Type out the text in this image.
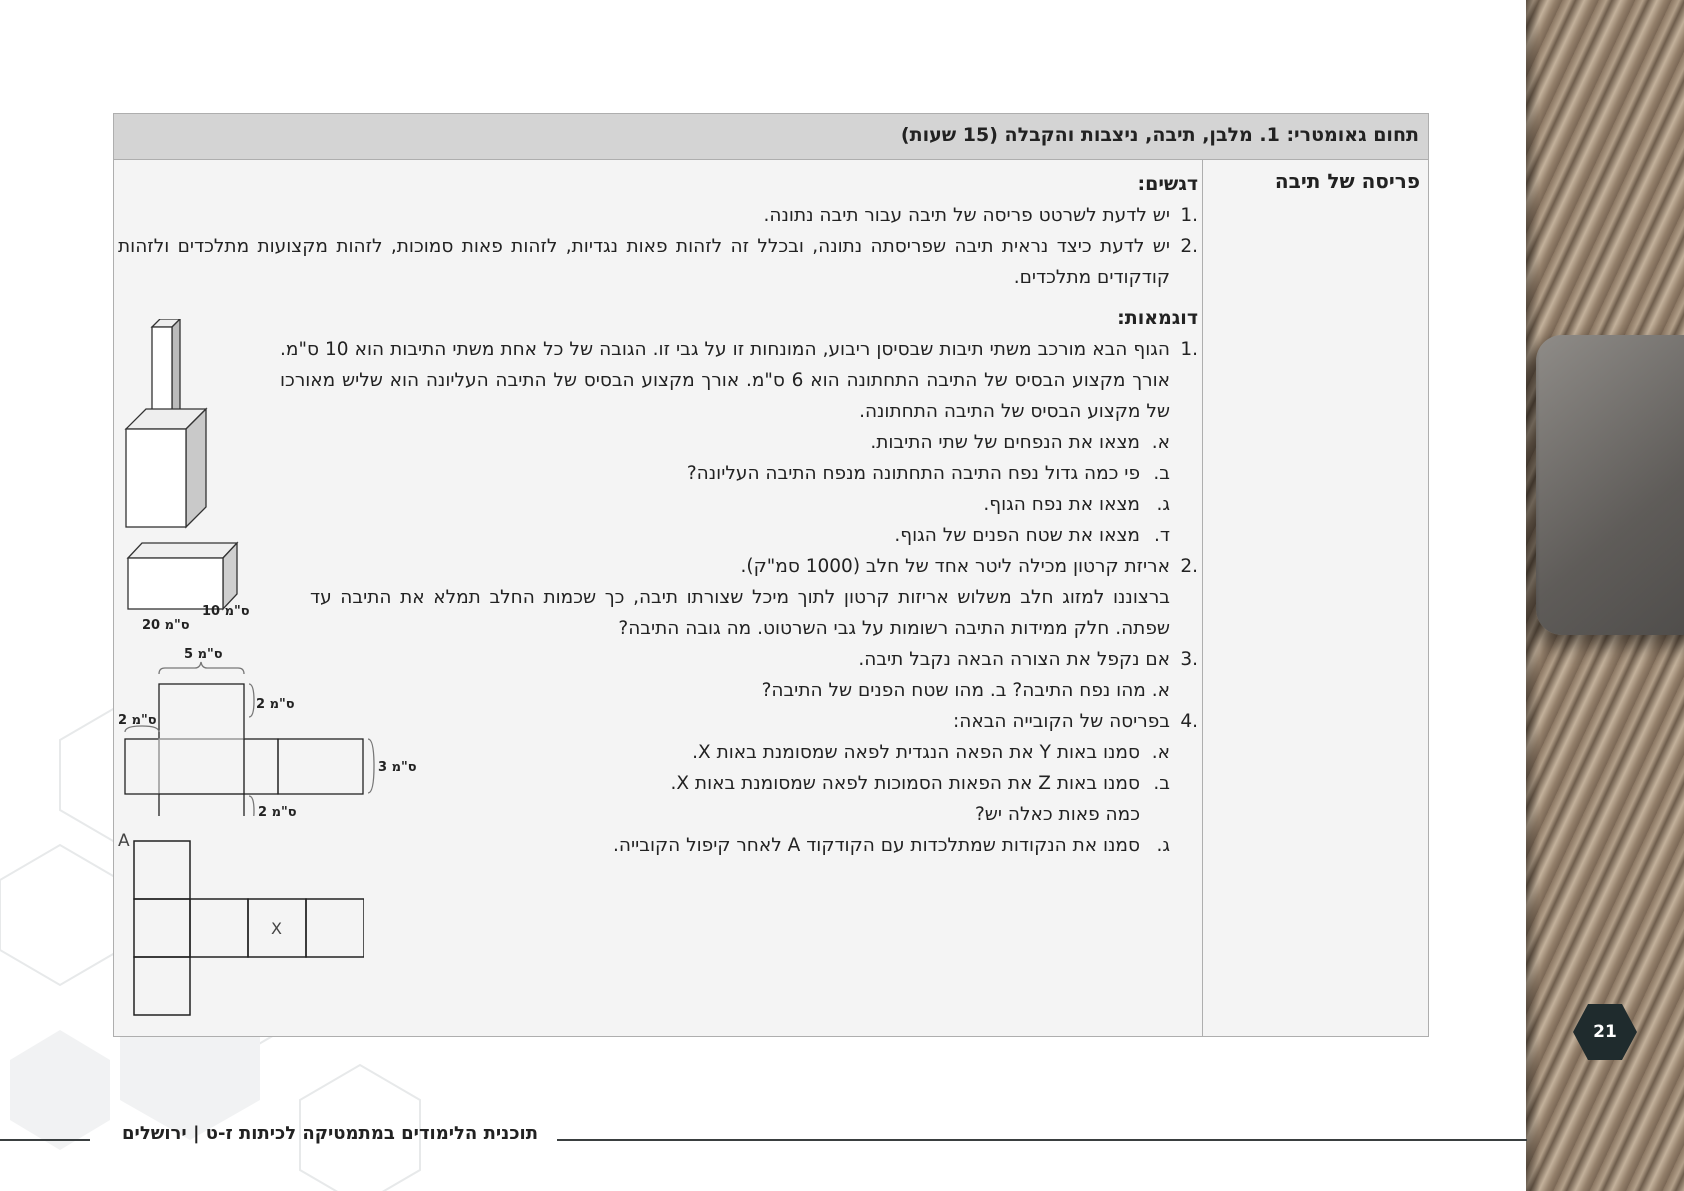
21
תחום גאומטרי: 1. מלבן, תיבה, ניצבות והקבלה (15 שעות)
פריסה של תיבה

דגשים:

.1
יש לדעת לשרטט פריסה של תיבה עבור תיבה נתונה.
.2
יש לדעת כיצד נראית תיבה שפריסתה נתונה, ובכלל זה לזהות פאות נגדיות, לזהות פאות סמוכות, לזהות מקצועות מתלכדים ולזהות קודקודים מתלכדים.

דוגמאות:

.1
הגוף הבא מורכב משתי תיבות שבסיסן ריבוע, המונחות זו על גבי זו. הגובה של כל אחת משתי התיבות הוא 10 ס"מ. אורך מקצוע הבסיס של התיבה התחתונה הוא 6 ס"מ. אורך מקצוע הבסיס של התיבה העליונה הוא שליש מאורכו של מקצוע הבסיס של התיבה התחתונה.
א.
מצאו את הנפחים של שתי התיבות.
ב.
פי כמה גדול נפח התיבה התחתונה מנפח התיבה העליונה?
ג.
מצאו את נפח הגוף.
ד.
מצאו את שטח הפנים של הגוף.
.2
אריזת קרטון מכילה ליטר אחד של חלב (1000 סמ"ק).
ברצוננו למזוג חלב משלוש אריזות קרטון לתוך מיכל שצורתו תיבה, כך שכמות החלב תמלא את התיבה עד שפתה. חלק ממידות התיבה רשומות על גבי השרטוט. מה גובה התיבה?
.3
אם נקפל את הצורה הבאה נקבל תיבה.
א. מהו נפח התיבה? ב. מהו שטח הפנים של התיבה?
.4
בפריסה של הקובייה הבאה:
א.
סמנו באות Y את הפאה הנגדית לפאה שמסומנת באות X.
ב.
סמנו באות Z את הפאות הסמוכות לפאה שמסומנת באות X.
כמה פאות כאלה יש?
ג.
סמנו את הנקודות שמתלכדות עם הקודקוד A לאחר קיפול הקובייה.
20 ס"מ
10 ס"מ
5 ס"מ
2 ס"מ
2 ס"מ
3 ס"מ
2 ס"מ
A
X
תוכנית הלימודים במתמטיקה לכיתות ז-ט | ירושלים
